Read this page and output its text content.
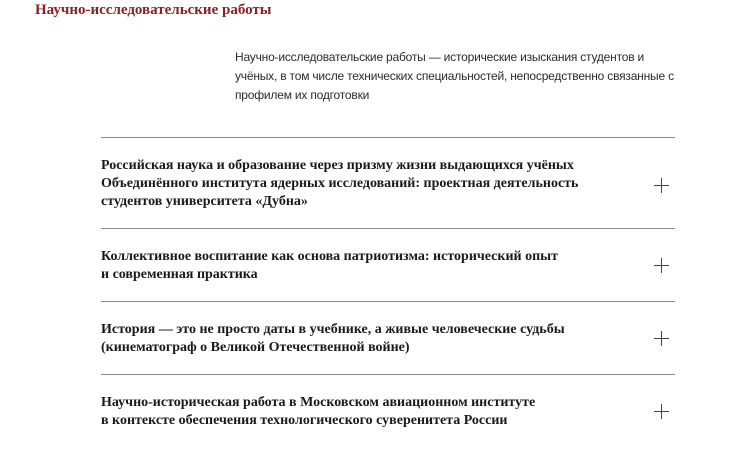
Научно-исследовательские работы

Научно-исследовательские работы — исторические изыскания студентов и учёных, в том числе технических специальностей, непосредственно связанные с профилем их подготовки

Российская наука и образование через призму жизни выдающихся учёных
Объединённого института ядерных исследований: проектная деятельность
студентов университета «Дубна»
Коллективное воспитание как основа патриотизма: исторический опыт
и современная практика
История — это не просто даты в учебнике, а живые человеческие судьбы
(кинематограф о Великой Отечественной войне)
Научно-историческая работа в Московском авиационном институте
в контексте обеспечения технологического суверенитета России
